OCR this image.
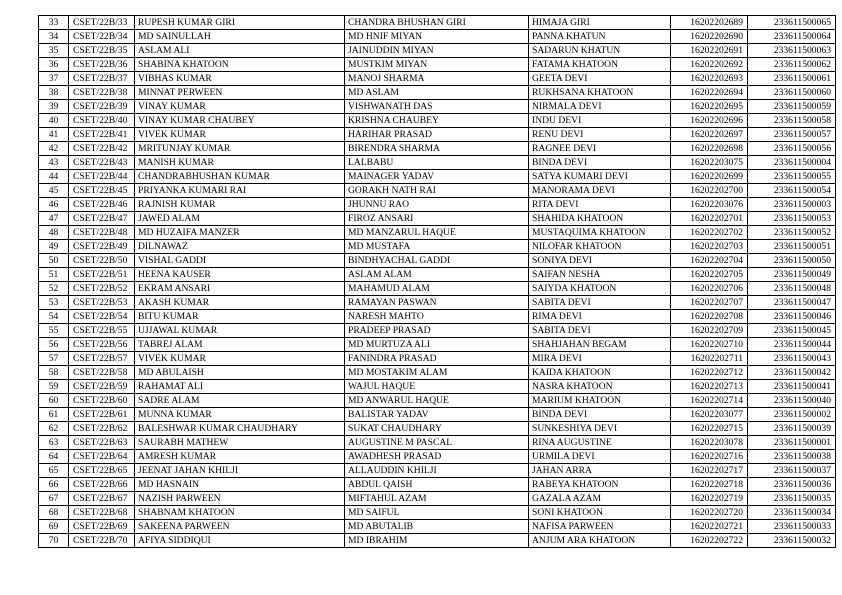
33	CSET/22B/33	RUPESH KUMAR GIRI	CHANDRA BHUSHAN GIRI	HIMAJA GIRI	16202202689	233611500065
34	CSET/22B/34	MD SAINULLAH	MD HNIF MIYAN	PANNA KHATUN	16202202690	233611500064
35	CSET/22B/35	ASLAM ALI	JAINUDDIN MIYAN	SADARUN KHATUN	16202202691	233611500063
36	CSET/22B/36	SHABINA KHATOON	MUSTKIM MIYAN	FATAMA KHATOON	16202202692	233611500062
37	CSET/22B/37	VIBHAS KUMAR	MANOJ SHARMA	GEETA DEVI	16202202693	233611500061
38	CSET/22B/38	MINNAT PERWEEN	MD ASLAM	RUKHSANA KHATOON	16202202694	233611500060
39	CSET/22B/39	VINAY KUMAR	VISHWANATH DAS	NIRMALA DEVI	16202202695	233611500059
40	CSET/22B/40	VINAY KUMAR CHAUBEY	KRISHNA CHAUBEY	INDU DEVI	16202202696	233611500058
41	CSET/22B/41	VIVEK KUMAR	HARIHAR PRASAD	RENU DEVI	16202202697	233611500057
42	CSET/22B/42	MRITUNJAY KUMAR	BIRENDRA SHARMA	RAGNEE DEVI	16202202698	233611500056
43	CSET/22B/43	MANISH KUMAR	LALBABU	BINDA DEVI	16202203075	233611500004
44	CSET/22B/44	CHANDRABHUSHAN KUMAR	MAINAGER YADAV	SATYA KUMARI DEVI	16202202699	233611500055
45	CSET/22B/45	PRIYANKA KUMARI RAI	GORAKH NATH RAI	MANORAMA DEVI	16202202700	233611500054
46	CSET/22B/46	RAJNISH KUMAR	JHUNNU RAO	RITA DEVI	16202203076	233611500003
47	CSET/22B/47	JAWED ALAM	FIROZ ANSARI	SHAHIDA KHATOON	16202202701	233611500053
48	CSET/22B/48	MD HUZAIFA MANZER	MD MANZARUL HAQUE	MUSTAQUIMA KHATOON	16202202702	233611500052
49	CSET/22B/49	DILNAWAZ	MD MUSTAFA	NILOFAR KHATOON	16202202703	233611500051
50	CSET/22B/50	VISHAL GADDI	BINDHYACHAL GADDI	SONIYA DEVI	16202202704	233611500050
51	CSET/22B/51	HEENA KAUSER	ASLAM ALAM	SAIFAN NESHA	16202202705	233611500049
52	CSET/22B/52	EKRAM ANSARI	MAHAMUD ALAM	SAIYDA KHATOON	16202202706	233611500048
53	CSET/22B/53	AKASH KUMAR	RAMAYAN PASWAN	SABITA DEVI	16202202707	233611500047
54	CSET/22B/54	BITU KUMAR	NARESH MAHTO	RIMA DEVI	16202202708	233611500046
55	CSET/22B/55	UJJAWAL KUMAR	PRADEEP PRASAD	SABITA DEVI	16202202709	233611500045
56	CSET/22B/56	TABREJ ALAM	MD MURTUZA ALI	SHAHJAHAN BEGAM	16202202710	233611500044
57	CSET/22B/57	VIVEK KUMAR	FANINDRA PRASAD	MIRA DEVI	16202202711	233611500043
58	CSET/22B/58	MD ABULAISH	MD MOSTAKIM ALAM	KAIDA KHATOON	16202202712	233611500042
59	CSET/22B/59	RAHAMAT ALI	WAJUL HAQUE	NASRA KHATOON	16202202713	233611500041
60	CSET/22B/60	SADRE ALAM	MD ANWARUL HAQUE	MARIUM KHATOON	16202202714	233611500040
61	CSET/22B/61	MUNNA KUMAR	BALISTAR YADAV	BINDA DEVI	16202203077	233611500002
62	CSET/22B/62	BALESHWAR KUMAR CHAUDHARY	SUKAT CHAUDHARY	SUNKESHIYA DEVI	16202202715	233611500039
63	CSET/22B/63	SAURABH MATHEW	AUGUSTINE M PASCAL	RINA AUGUSTINE	16202203078	233611500001
64	CSET/22B/64	AMRESH KUMAR	AWADHESH PRASAD	URMILA DEVI	16202202716	233611500038
65	CSET/22B/65	JEENAT JAHAN KHILJI	ALLAUDDIN KHILJI	JAHAN ARRA	16202202717	233611500037
66	CSET/22B/66	MD HASNAIN	ABDUL QAISH	RABEYA KHATOON	16202202718	233611500036
67	CSET/22B/67	NAZISH PARWEEN	MIFTAHUL AZAM	GAZALA AZAM	16202202719	233611500035
68	CSET/22B/68	SHABNAM KHATOON	MD SAIFUL	SONI KHATOON	16202202720	233611500034
69	CSET/22B/69	SAKEENA PARWEEN	MD ABUTALIB	NAFISA PARWEEN	16202202721	233611500033
70	CSET/22B/70	AFIYA SIDDIQUI	MD IBRAHIM	ANJUM ARA KHATOON	16202202722	233611500032
